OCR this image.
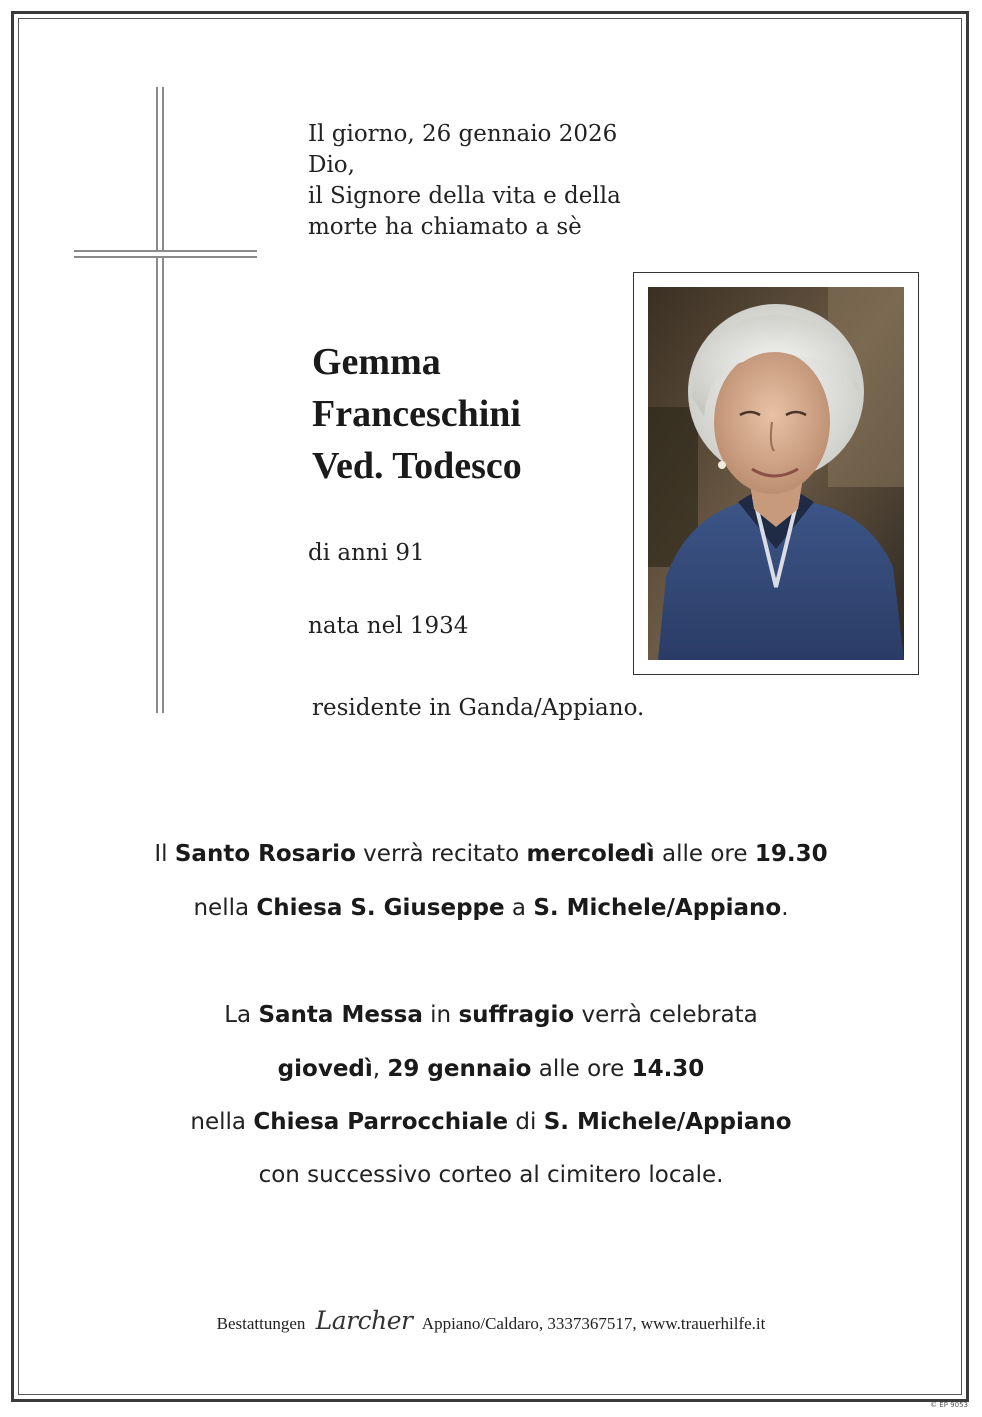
Il giorno, 26 gennaio 2026
Dio,
il Signore della vita e della
morte ha chiamato a sè
Gemma
Franceschini
Ved. Todesco
di anni 91
nata nel 1934
residente in Ganda/Appiano.
Il Santo Rosario verrà recitato mercoledì alle ore 19.30
nella Chiesa S. Giuseppe a S. Michele/Appiano.
La Santa Messa in suffragio verrà celebrata
giovedì, 29 gennaio alle ore 14.30
nella Chiesa Parrocchiale di S. Michele/Appiano
con successivo corteo al cimitero locale.
Bestattungen Larcher Appiano/Caldaro, 3337367517, www.trauerhilfe.it
© EP 9053
